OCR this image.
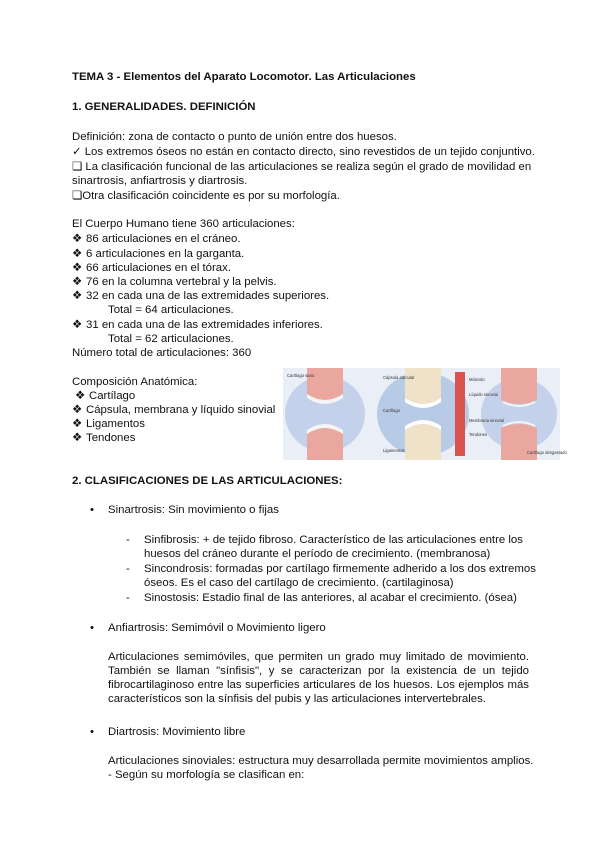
TEMA 3 - Elementos del Aparato Locomotor. Las Articulaciones
1. GENERALIDADES. DEFINICIÓN
Definición: zona de contacto o punto de unión entre dos huesos.
✓ Los extremos óseos no están en contacto directo, sino revestidos de un tejido conjuntivo.
❏ La clasificación funcional de las articulaciones se realiza según el grado de movilidad en
sinartrosis, anfiartrosis y diartrosis.
❏Otra clasificación coincidente es por su morfología.
El Cuerpo Humano tiene 360 articulaciones:
❖ 86 articulaciones en el cráneo.
❖ 6 articulaciones en la garganta.
❖ 66 articulaciones en el tórax.
❖ 76 en la columna vertebral y la pelvis.
❖ 32 en cada una de las extremidades superiores.
Total = 64 articulaciones.
❖ 31 en cada una de las extremidades inferiores.
Total = 62 articulaciones.
Número total de articulaciones: 360
Composición Anatómica:
❖ Cartílago
❖ Cápsula, membrana y líquido sinovial
❖ Ligamentos
❖ Tendones
Cartílago sano	Cápsula articular
Cartílago
Ligamentos
Músculo
Líquido sinovial
Membrana sinovial
Tendones
Cartílago desgastado
2. CLASIFICACIONES DE LAS ARTICULACIONES:
• Sinartrosis: Sin movimiento o fijas
- Sinfibrosis: + de tejido fibroso. Característico de las articulaciones entre los
huesos del cráneo durante el período de crecimiento. (membranosa)
- Sincondrosis: formadas por cartílago firmemente adherido a los dos extremos
óseos. Es el caso del cartílago de crecimiento. (cartilaginosa)
- Sinostosis: Estadio final de las anteriores, al acabar el crecimiento. (ósea)
• Anfiartrosis: Semimóvil o Movimiento ligero
Articulaciones semimóviles, que permiten un grado muy limitado de movimiento. También se llaman "sínfisis", y se caracterizan por la existencia de un tejido fibrocartilaginoso entre las superficies articulares de los huesos. Los ejemplos más característicos son la sínfisis del pubis y las articulaciones intervertebrales.
• Diartrosis: Movimiento libre
Articulaciones sinoviales: estructura muy desarrollada permite movimientos amplios.
- Según su morfología se clasifican en:
